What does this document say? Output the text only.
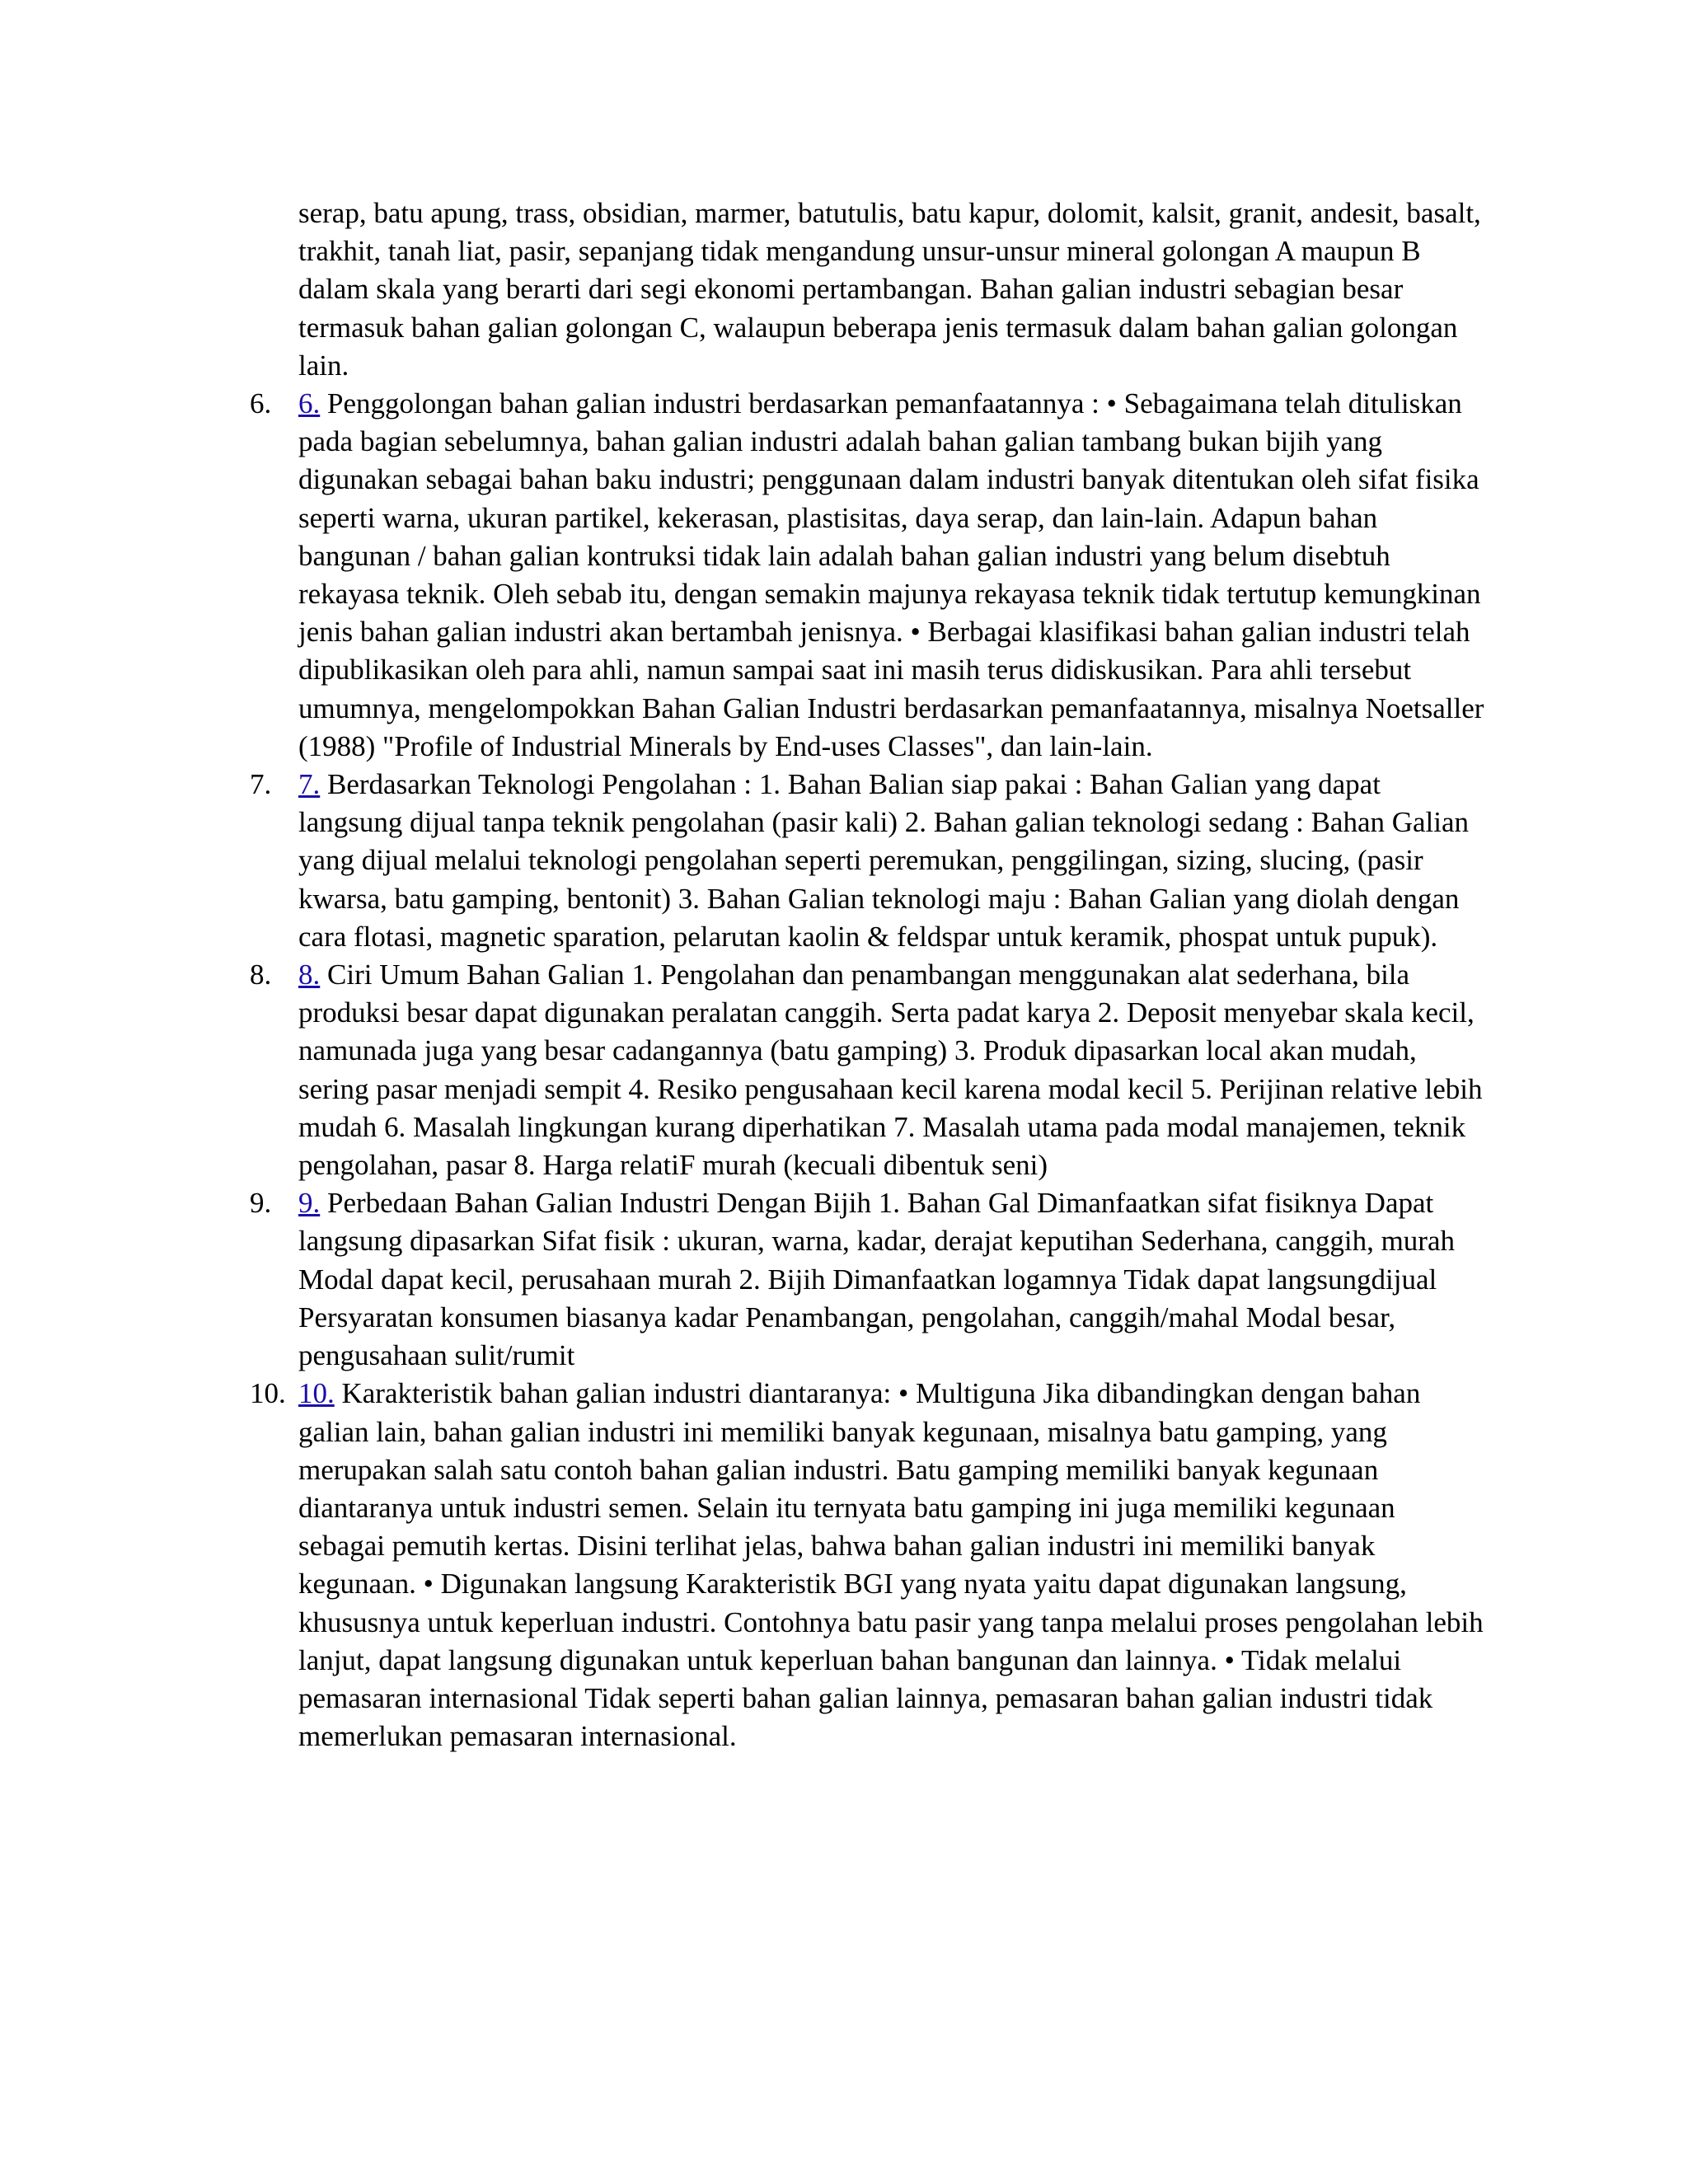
serap, batu apung, trass, obsidian, marmer, batutulis, batu kapur, dolomit, kalsit, granit, andesit, basalt, trakhit, tanah liat, pasir, sepanjang tidak mengandung unsur-unsur mineral golongan A maupun B dalam skala yang berarti dari segi ekonomi pertambangan. Bahan galian industri sebagian besar termasuk bahan galian golongan C, walaupun beberapa jenis termasuk dalam bahan galian golongan lain.

6. 6. Penggolongan bahan galian industri berdasarkan pemanfaatannya : • Sebagaimana telah dituliskan pada bagian sebelumnya, bahan galian industri adalah bahan galian tambang bukan bijih yang digunakan sebagai bahan baku industri; penggunaan dalam industri banyak ditentukan oleh sifat fisika seperti warna, ukuran partikel, kekerasan, plastisitas, daya serap, dan lain-lain. Adapun bahan bangunan / bahan galian kontruksi tidak lain adalah bahan galian industri yang belum disebtuh rekayasa teknik. Oleh sebab itu, dengan semakin majunya rekayasa teknik tidak tertutup kemungkinan jenis bahan galian industri akan bertambah jenisnya. • Berbagai klasifikasi bahan galian industri telah dipublikasikan oleh para ahli, namun sampai saat ini masih terus didiskusikan. Para ahli tersebut umumnya, mengelompokkan Bahan Galian Industri berdasarkan pemanfaatannya, misalnya Noetsaller (1988) "Profile of Industrial Minerals by End-uses Classes", dan lain-lain.

7. 7. Berdasarkan Teknologi Pengolahan : 1. Bahan Balian siap pakai : Bahan Galian yang dapat langsung dijual tanpa teknik pengolahan (pasir kali) 2. Bahan galian teknologi sedang : Bahan Galian yang dijual melalui teknologi pengolahan seperti peremukan, penggilingan, sizing, slucing, (pasir kwarsa, batu gamping, bentonit) 3. Bahan Galian teknologi maju : Bahan Galian yang diolah dengan cara flotasi, magnetic sparation, pelarutan kaolin & feldspar untuk keramik, phospat untuk pupuk).

8. 8. Ciri Umum Bahan Galian 1. Pengolahan dan penambangan menggunakan alat sederhana, bila produksi besar dapat digunakan peralatan canggih. Serta padat karya 2. Deposit menyebar skala kecil, namunada juga yang besar cadangannya (batu gamping) 3. Produk dipasarkan local akan mudah, sering pasar menjadi sempit 4. Resiko pengusahaan kecil karena modal kecil 5. Perijinan relative lebih mudah 6. Masalah lingkungan kurang diperhatikan 7. Masalah utama pada modal manajemen, teknik pengolahan, pasar 8. Harga relatiF murah (kecuali dibentuk seni)

9. 9. Perbedaan Bahan Galian Industri Dengan Bijih 1. Bahan Gal Dimanfaatkan sifat fisiknya Dapat langsung dipasarkan Sifat fisik : ukuran, warna, kadar, derajat keputihan Sederhana, canggih, murah Modal dapat kecil, perusahaan murah 2. Bijih Dimanfaatkan logamnya Tidak dapat langsungdijual Persyaratan konsumen biasanya kadar Penambangan, pengolahan, canggih/mahal Modal besar, pengusahaan sulit/rumit

10. 10. Karakteristik bahan galian industri diantaranya: • Multiguna Jika dibandingkan dengan bahan galian lain, bahan galian industri ini memiliki banyak kegunaan, misalnya batu gamping, yang merupakan salah satu contoh bahan galian industri. Batu gamping memiliki banyak kegunaan diantaranya untuk industri semen. Selain itu ternyata batu gamping ini juga memiliki kegunaan sebagai pemutih kertas. Disini terlihat jelas, bahwa bahan galian industri ini memiliki banyak kegunaan. • Digunakan langsung Karakteristik BGI yang nyata yaitu dapat digunakan langsung, khususnya untuk keperluan industri. Contohnya batu pasir yang tanpa melalui proses pengolahan lebih lanjut, dapat langsung digunakan untuk keperluan bahan bangunan dan lainnya. • Tidak melalui pemasaran internasional Tidak seperti bahan galian lainnya, pemasaran bahan galian industri tidak memerlukan pemasaran internasional.
